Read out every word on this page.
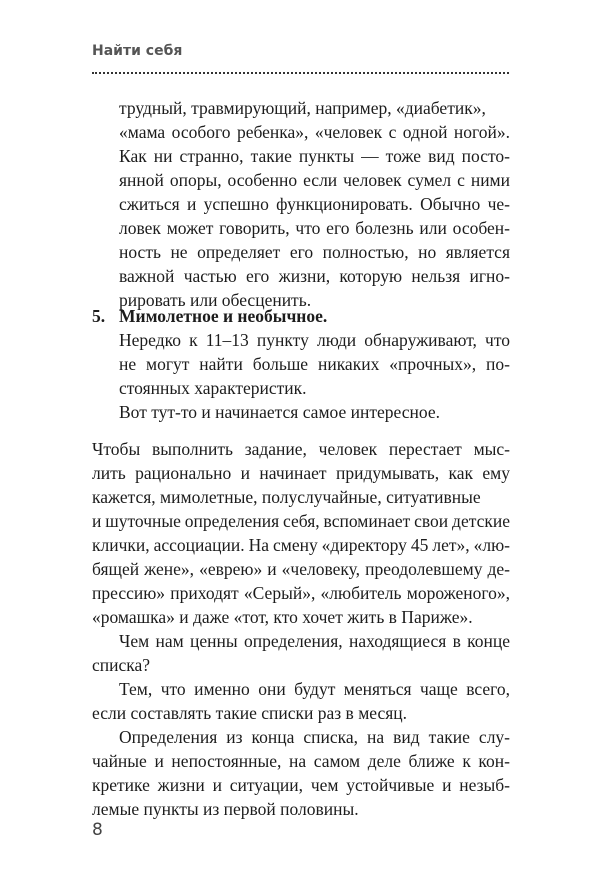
Найти себя

трудный, травмирующий, например, «диабетик»,

«мама особого ребенка», «человек с одной ногой».

Как ни странно, такие пункты — тоже вид посто-

янной опоры, особенно если человек сумел с ними

сжиться и успешно функционировать. Обычно че-

ловек может говорить, что его болезнь или особен-

ность не определяет его полностью, но является

важной частью его жизни, которую нельзя игно-

рировать или обесценить.

5. Мимолетное и необычное.

Нередко к 11–13 пункту люди обнаруживают, что

не могут найти больше никаких «прочных», по-

стоянных характеристик.

Вот тут-то и начинается самое интересное.

Чтобы выполнить задание, человек перестает мыс-

лить рационально и начинает придумывать, как ему

кажется, мимолетные, полуслучайные, ситуативные

и шуточные определения себя, вспоминает свои детские

клички, ассоциации. На смену «директору 45 лет», «лю-

бящей жене», «еврею» и «человеку, преодолевшему де-

прессию» приходят «Серый», «любитель мороженого»,

«ромашка» и даже «тот, кто хочет жить в Париже».

Чем нам ценны определения, находящиеся в конце

списка?

Тем, что именно они будут меняться чаще всего,

если составлять такие списки раз в месяц.

Определения из конца списка, на вид такие слу-

чайные и непостоянные, на самом деле ближе к кон-

кретике жизни и ситуации, чем устойчивые и незыб-

лемые пункты из первой половины.

8
